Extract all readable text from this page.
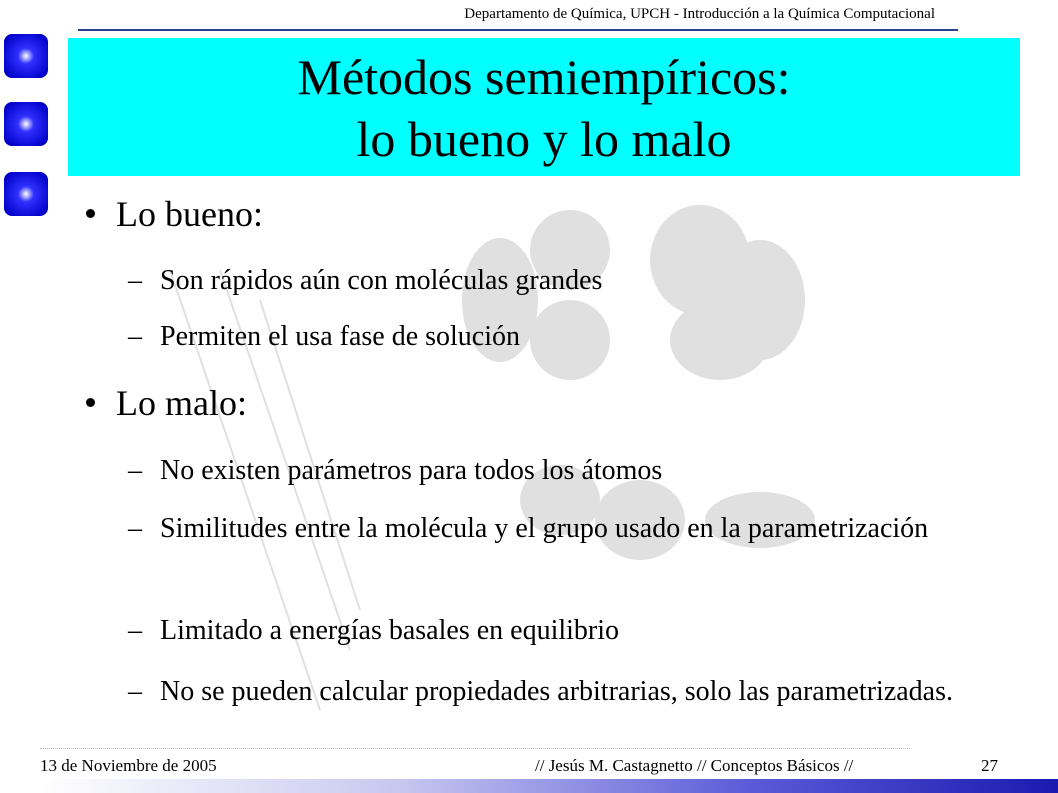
Departamento de Química, UPCH - Introducción a la Química Computacional
Métodos semiempíricos:
lo bueno y lo malo
Lo bueno:
– Son rápidos aún con moléculas grandes
– Permiten el usa fase de solución
Lo malo:
– No existen parámetros para todos los átomos
– Similitudes entre la molécula y el grupo usado en la parametrización
– Limitado a energías basales en equilibrio
– No se pueden calcular propiedades arbitrarias, solo las parametrizadas.
13 de Noviembre de 2005	// Jesús M. Castagnetto // Conceptos Básicos //	27
